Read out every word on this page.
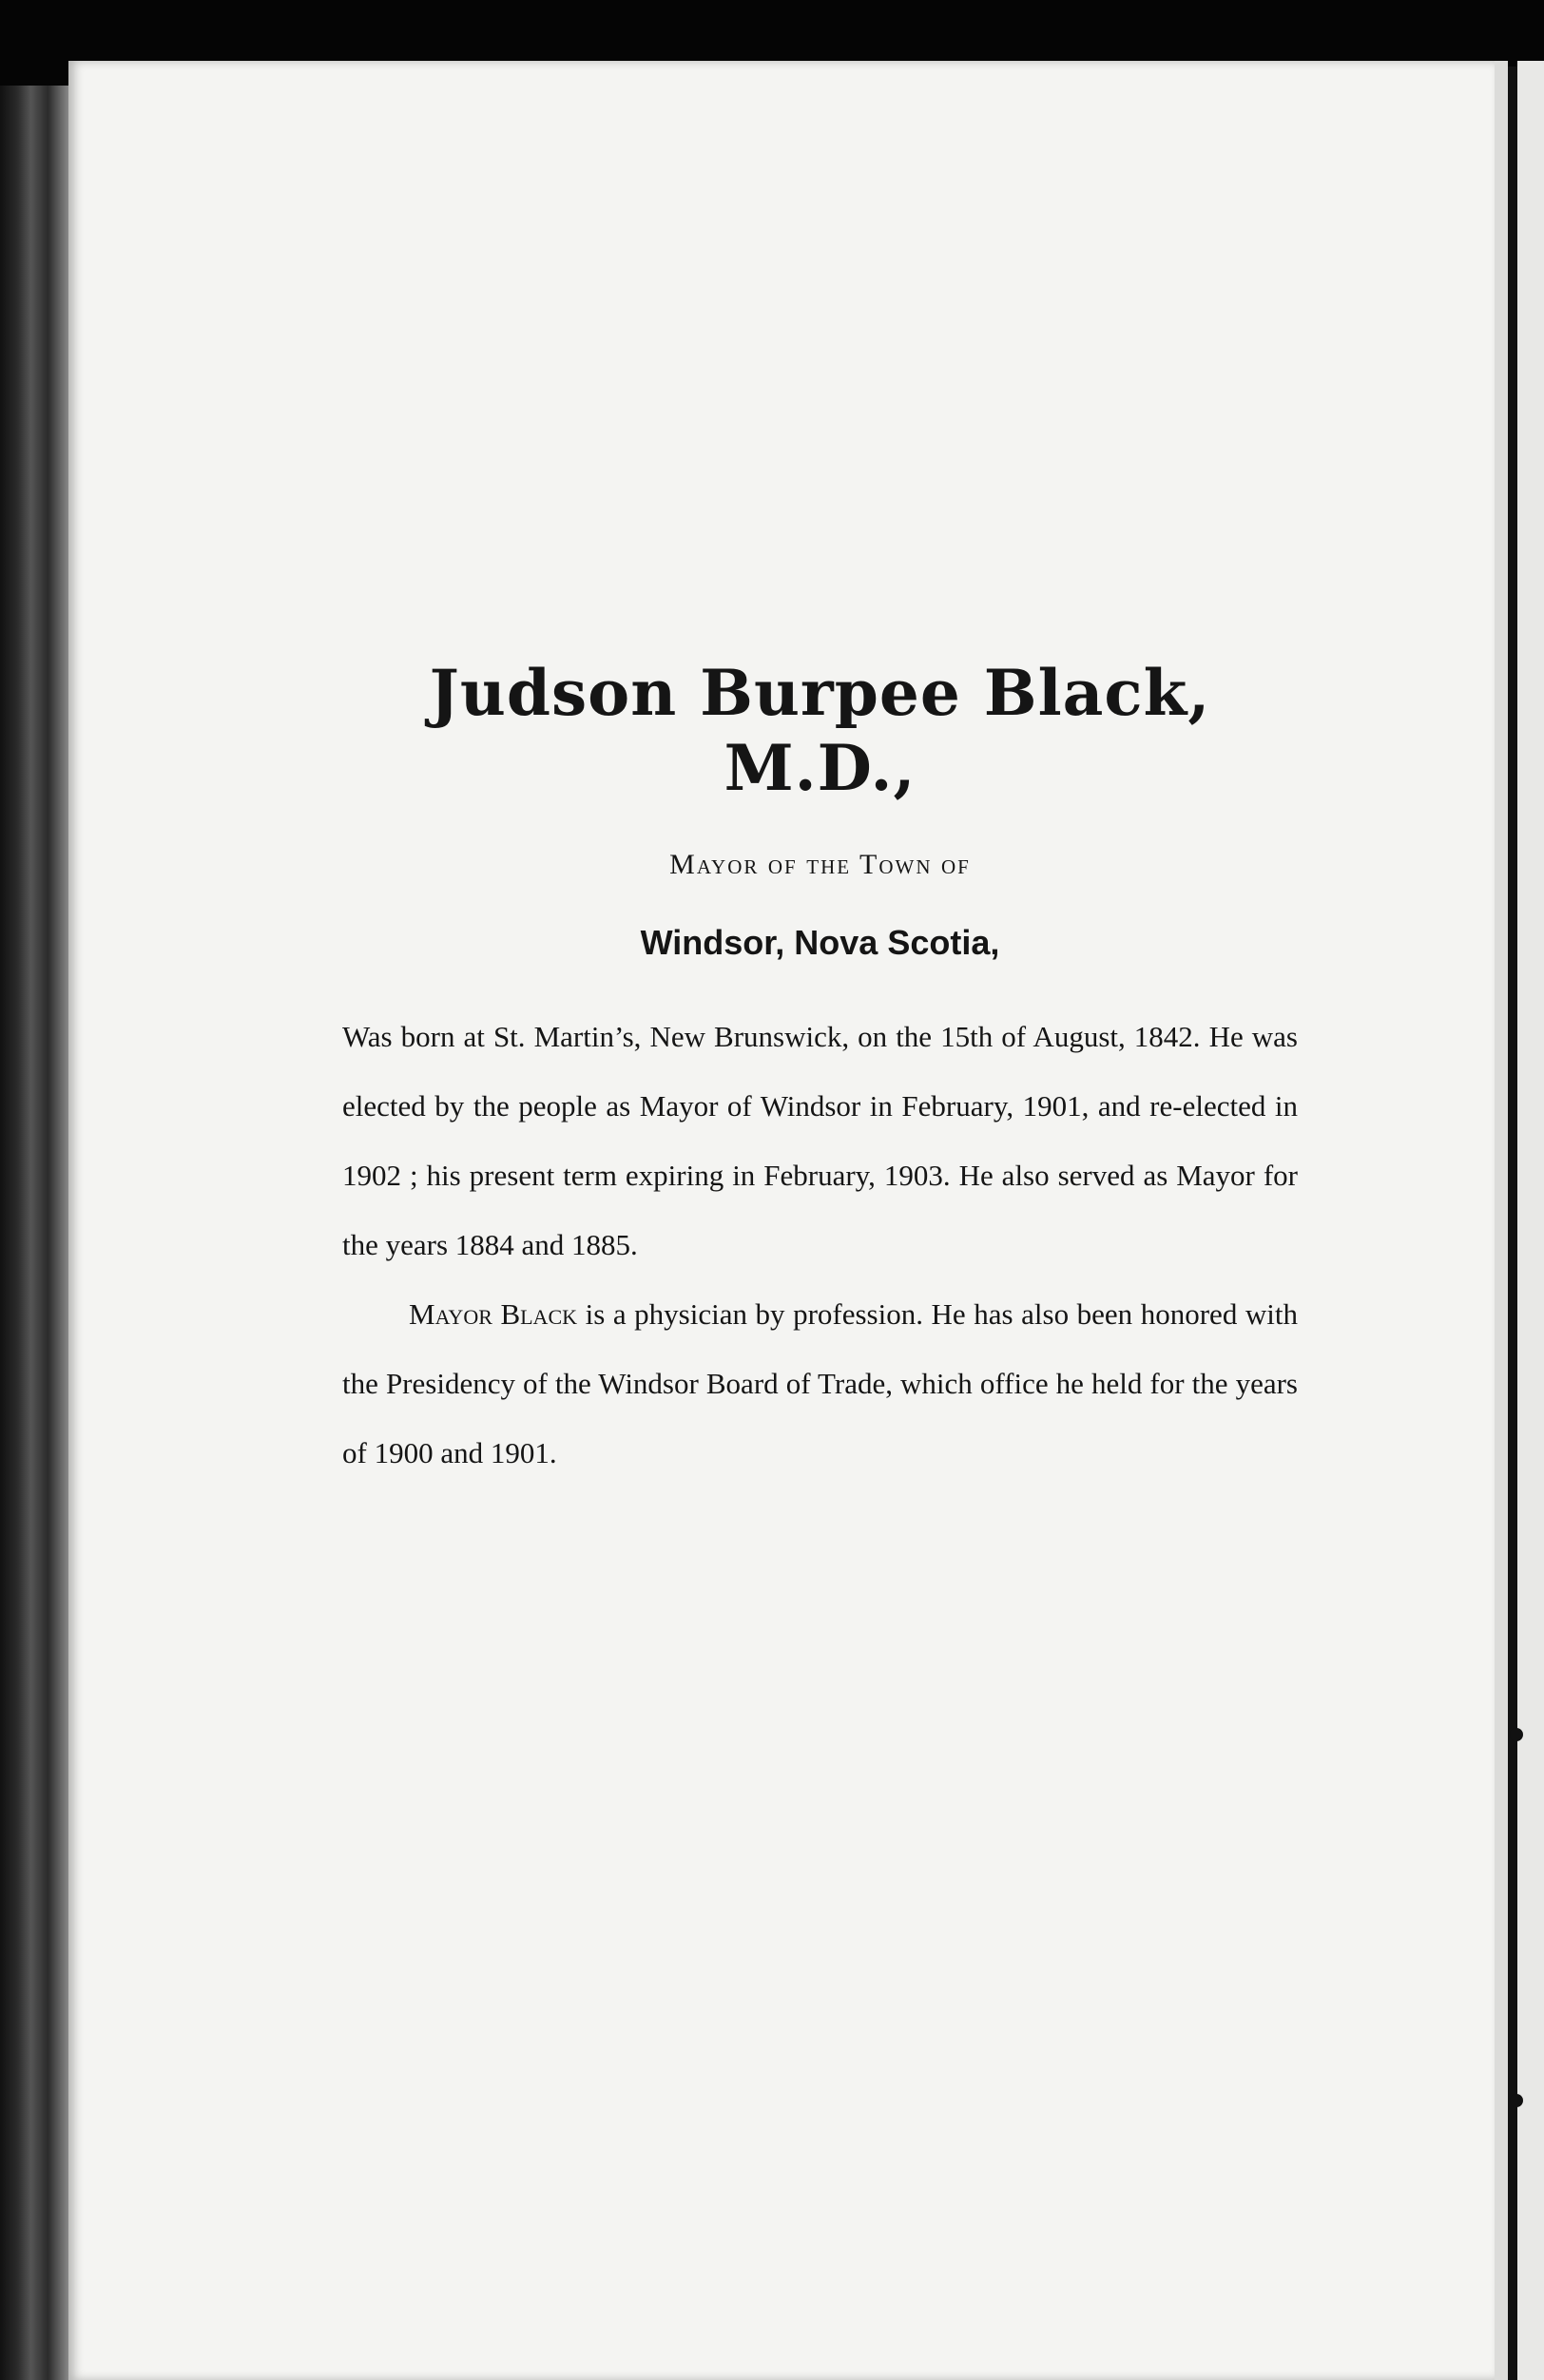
Judson Burpee Black, M.D.,
Mayor of the Town of
Windsor, Nova Scotia,

Was born at St. Martin’s, New Brunswick, on the 15th of August, 1842. He was elected by the people as Mayor of Windsor in February, 1901, and re-elected in 1902 ; his present term expiring in February, 1903. He also served as Mayor for the years 1884 and 1885.

Mayor Black is a physician by profession. He has also been honored with the Presidency of the Windsor Board of Trade, which office he held for the years of 1900 and 1901.
